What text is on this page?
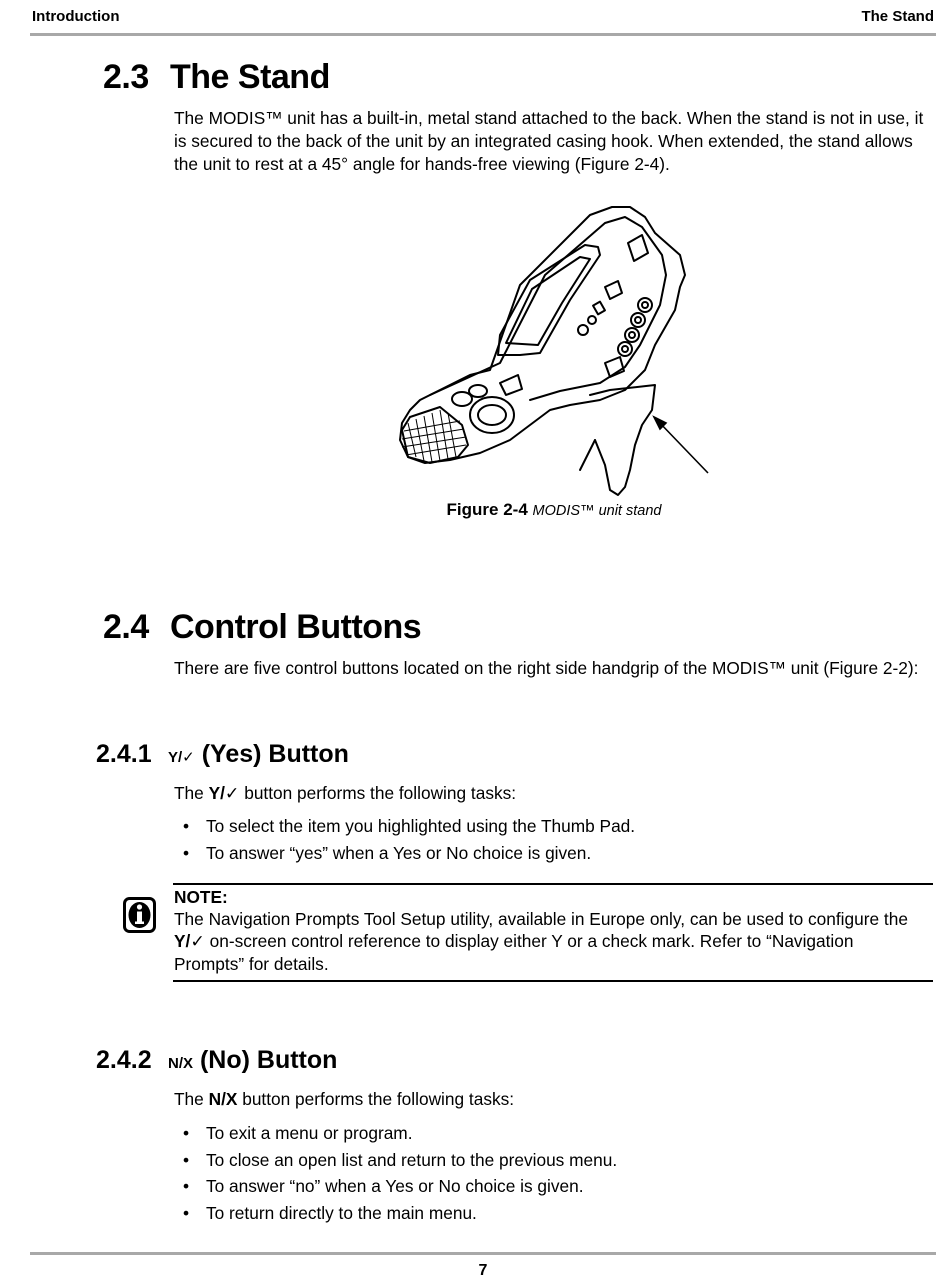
Introduction	The Stand
2.3 The Stand
The MODIS™ unit has a built-in, metal stand attached to the back. When the stand is not in use, it is secured to the back of the unit by an integrated casing hook. When extended, the stand allows the unit to rest at a 45° angle for hands-free viewing (Figure 2-4).
Figure 2-4 MODIS™ unit stand
2.4 Control Buttons
There are five control buttons located on the right side handgrip of the MODIS™ unit (Figure 2-2):
2.4.1 Y/✓ (Yes) Button
The Y/✓ button performs the following tasks:
• To select the item you highlighted using the Thumb Pad.
• To answer “yes” when a Yes or No choice is given.
NOTE:
The Navigation Prompts Tool Setup utility, available in Europe only, can be used to configure the
Y/✓ on-screen control reference to display either Y or a check mark. Refer to “Navigation
Prompts” for details.
2.4.2 N/X (No) Button
The N/X button performs the following tasks:
• To exit a menu or program.
• To close an open list and return to the previous menu.
• To answer “no” when a Yes or No choice is given.
• To return directly to the main menu.
7
